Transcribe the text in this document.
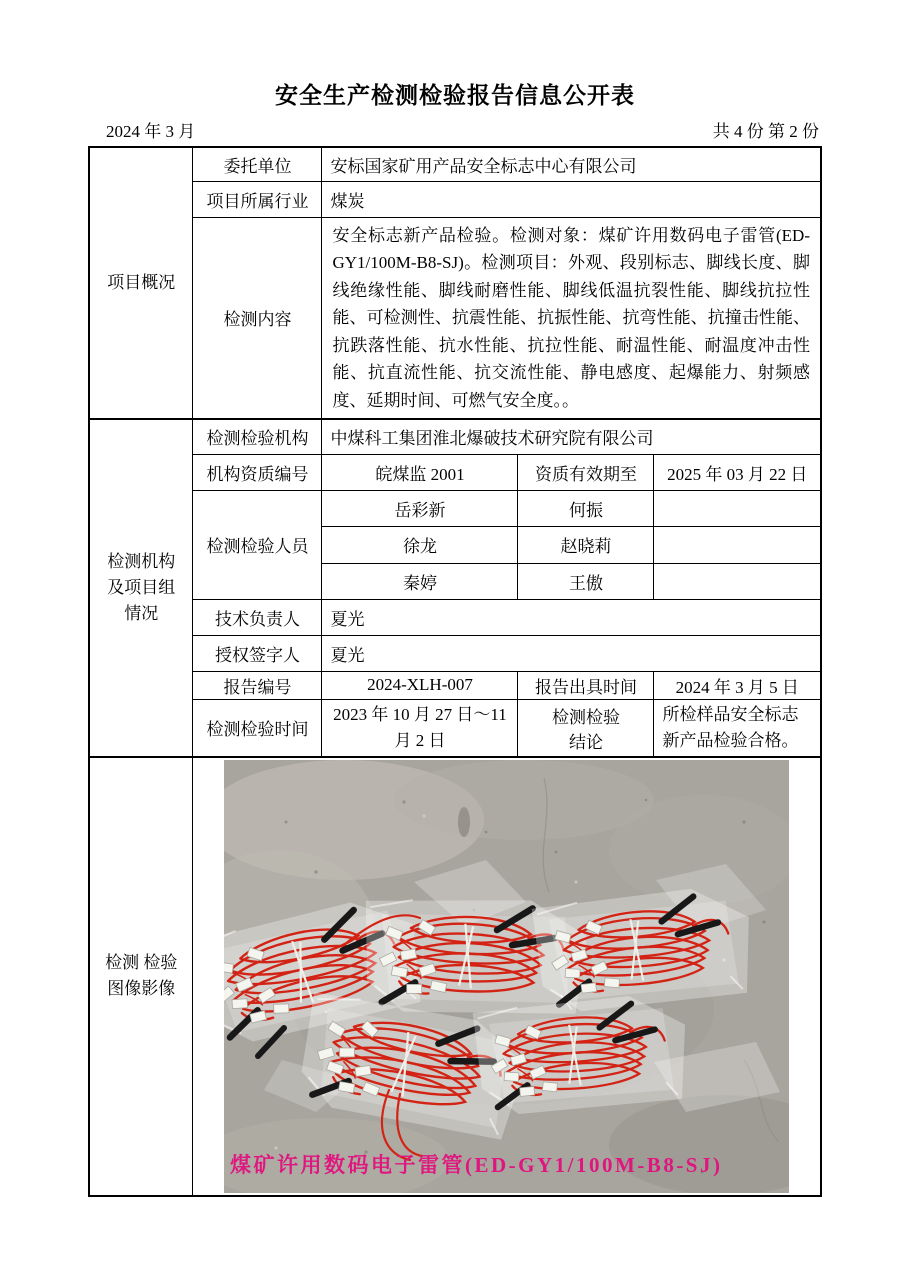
安全生产检测检验报告信息公开表
2024 年 3 月	共 4 份 第 2 份
项目概况	委托单位	安标国家矿用产品安全标志中心有限公司		
	项目所属行业	煤炭		
	检测内容	安全标志新产品检验。检测对象：煤矿许用数码电子雷管(ED-GY1/100M-B8-SJ)。检测项目：外观、段别标志、脚线长度、脚线绝缘性能、脚线耐磨性能、脚线低温抗裂性能、脚线抗拉性能、可检测性、抗震性能、抗振性能、抗弯性能、抗撞击性能、抗跌落性能、抗水性能、抗拉性能、耐温性能、耐温度冲击性能、抗直流性能、抗交流性能、静电感度、起爆能力、射频感度、延期时间、可燃气安全度。。		

检测机构
及项目组
情况	检测检验机构	中煤科工集团淮北爆破技术研究院有限公司		
	机构资质编号	皖煤监 2001	资质有效期至	2025 年 03 月 22 日
	检测检验人员	岳彩新	何振	
		徐龙	赵晓莉	
		秦婷	王傲	
	技术负责人	夏光		
	授权签字人	夏光		
	报告编号	2024-XLH-007	报告出具时间	2024 年 3 月 5 日
	检测检验时间	2023 年 10 月 27 日～11 月 2 日	检测检验结论	所检样品安全标志新产品检验合格。

检测 检验
图像影像	煤矿许用数码电子雷管(ED-GY1/100M-B8-SJ)			
